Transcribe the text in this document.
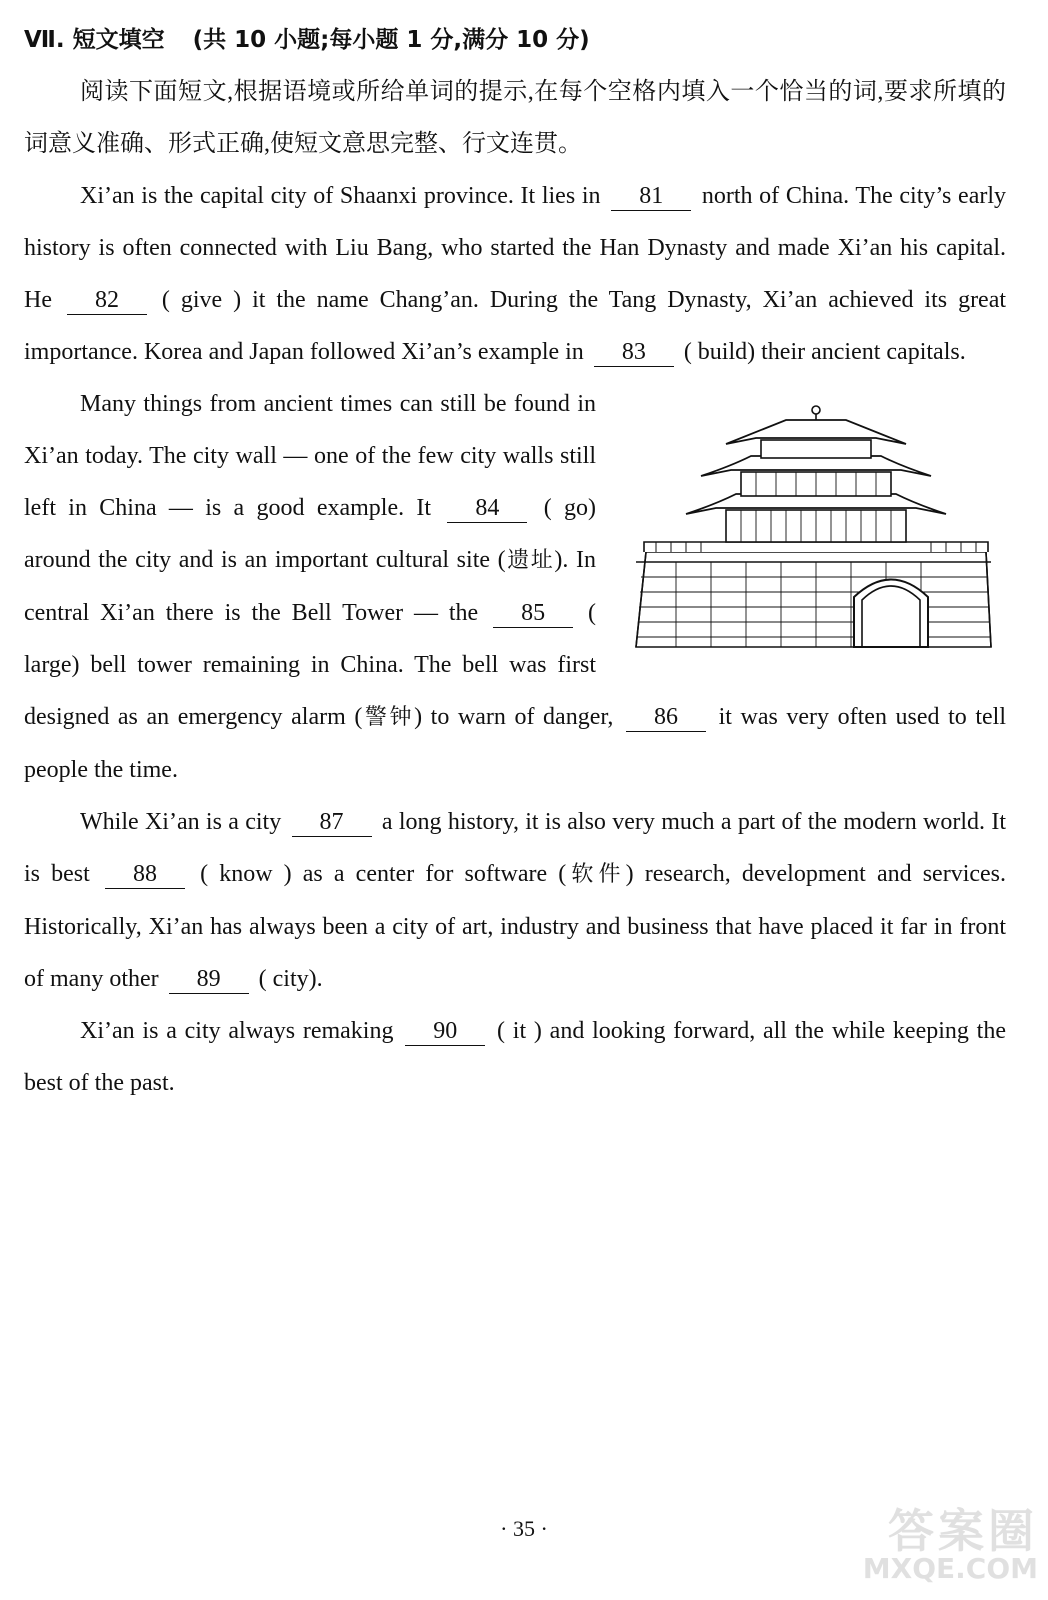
Ⅶ. 短文填空 (共 10 小题;每小题 1 分,满分 10 分)

阅读下面短文,根据语境或所给单词的提示,在每个空格内填入一个恰当的词,要求所填的词意义准确、形式正确,使短文意思完整、行文连贯。

Xi’an is the capital city of Shaanxi province. It lies in 81 north of China. The city’s early history is often connected with Liu Bang, who started the Han Dynasty and made Xi’an his capital. He 82 ( give ) it the name Chang’an. During the Tang Dynasty, Xi’an achieved its great importance. Korea and Japan followed Xi’an’s example in 83 ( build) their ancient capitals.

Many things from ancient times can still be found in Xi’an today. The city wall — one of the few city walls still left in China — is a good example. It 84 ( go) around the city and is an important cultural site (遗址). In central Xi’an there is the Bell Tower — the 85 ( large) bell tower remaining in China. The bell was first designed as an emergency alarm (警钟) to warn of danger, 86 it was very often used to tell people the time.

While Xi’an is a city 87 a long history, it is also very much a part of the modern world. It is best 88 ( know ) as a center for software (软件) research, development and services. Historically, Xi’an has always been a city of art, industry and business that have placed it far in front of many other 89 ( city).

Xi’an is a city always remaking 90 ( it ) and looking forward, all the while keeping the best of the past.

· 35 ·	答案圈
MXQE.COM
